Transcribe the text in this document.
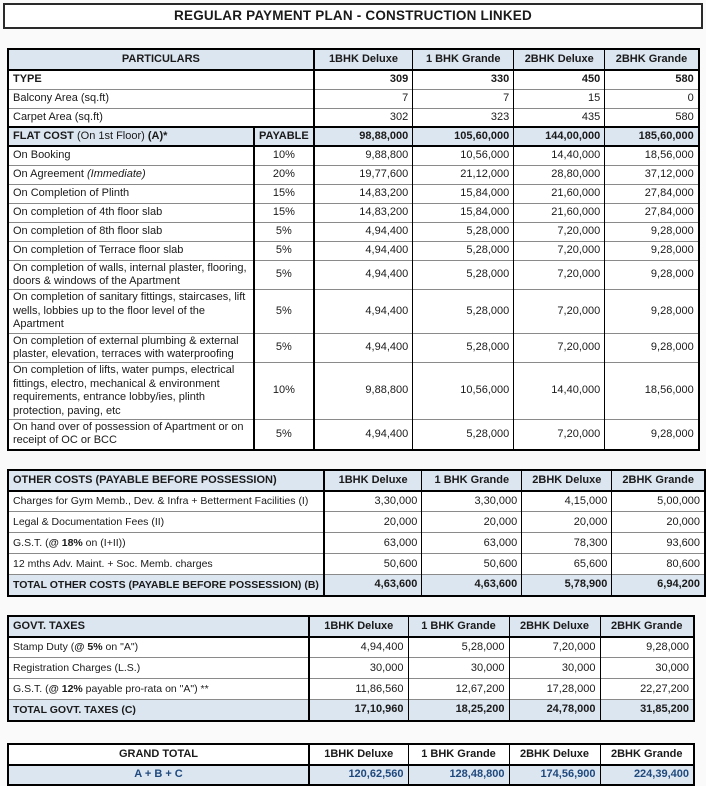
REGULAR PAYMENT PLAN - CONSTRUCTION LINKED
PARTICULARS		1BHK Deluxe	1 BHK Grande	2BHK Deluxe	2BHK Grande
TYPE		309	330	450	580
Balcony Area (sq.ft)		7	7	15	0
Carpet Area (sq.ft)		302	323	435	580
FLAT COST (On 1st Floor) (A)*	PAYABLE	98,88,000	105,60,000	144,00,000	185,60,000
On Booking	10%	9,88,800	10,56,000	14,40,000	18,56,000
On Agreement (Immediate)	20%	19,77,600	21,12,000	28,80,000	37,12,000
On Completion of Plinth	15%	14,83,200	15,84,000	21,60,000	27,84,000
On completion of 4th floor slab	15%	14,83,200	15,84,000	21,60,000	27,84,000
On completion of 8th floor slab	5%	4,94,400	5,28,000	7,20,000	9,28,000
On completion of Terrace floor slab	5%	4,94,400	5,28,000	7,20,000	9,28,000
On completion of walls, internal plaster, flooring, doors & windows of the Apartment	5%	4,94,400	5,28,000	7,20,000	9,28,000
On completion of sanitary fittings, staircases, lift wells, lobbies up to the floor level of the Apartment	5%	4,94,400	5,28,000	7,20,000	9,28,000
On completion of external plumbing & external plaster, elevation, terraces with waterproofing	5%	4,94,400	5,28,000	7,20,000	9,28,000
On completion of lifts, water pumps, electrical fittings, electro, mechanical & environment requirements, entrance lobby/ies, plinth protection, paving, etc	10%	9,88,800	10,56,000	14,40,000	18,56,000
On hand over of possession of Apartment or on receipt of OC or BCC	5%	4,94,400	5,28,000	7,20,000	9,28,000
OTHER COSTS (PAYABLE BEFORE POSSESSION)	1BHK Deluxe	1 BHK Grande	2BHK Deluxe	2BHK Grande
Charges for Gym Memb., Dev. & Infra + Betterment Facilities (I)	3,30,000	3,30,000	4,15,000	5,00,000
Legal & Documentation Fees (II)	20,000	20,000	20,000	20,000
G.S.T. (@ 18% on (I+II))	63,000	63,000	78,300	93,600
12 mths Adv. Maint. + Soc. Memb. charges	50,600	50,600	65,600	80,600
TOTAL OTHER COSTS (PAYABLE BEFORE POSSESSION) (B)	4,63,600	4,63,600	5,78,900	6,94,200
GOVT. TAXES	1BHK Deluxe	1 BHK Grande	2BHK Deluxe	2BHK Grande
Stamp Duty (@ 5% on "A")	4,94,400	5,28,000	7,20,000	9,28,000
Registration Charges (L.S.)	30,000	30,000	30,000	30,000
G.S.T. (@ 12% payable pro-rata on "A") **	11,86,560	12,67,200	17,28,000	22,27,200
TOTAL GOVT. TAXES (C)	17,10,960	18,25,200	24,78,000	31,85,200
GRAND TOTAL	1BHK Deluxe	1 BHK Grande	2BHK Deluxe	2BHK Grande
A + B + C	120,62,560	128,48,800	174,56,900	224,39,400
